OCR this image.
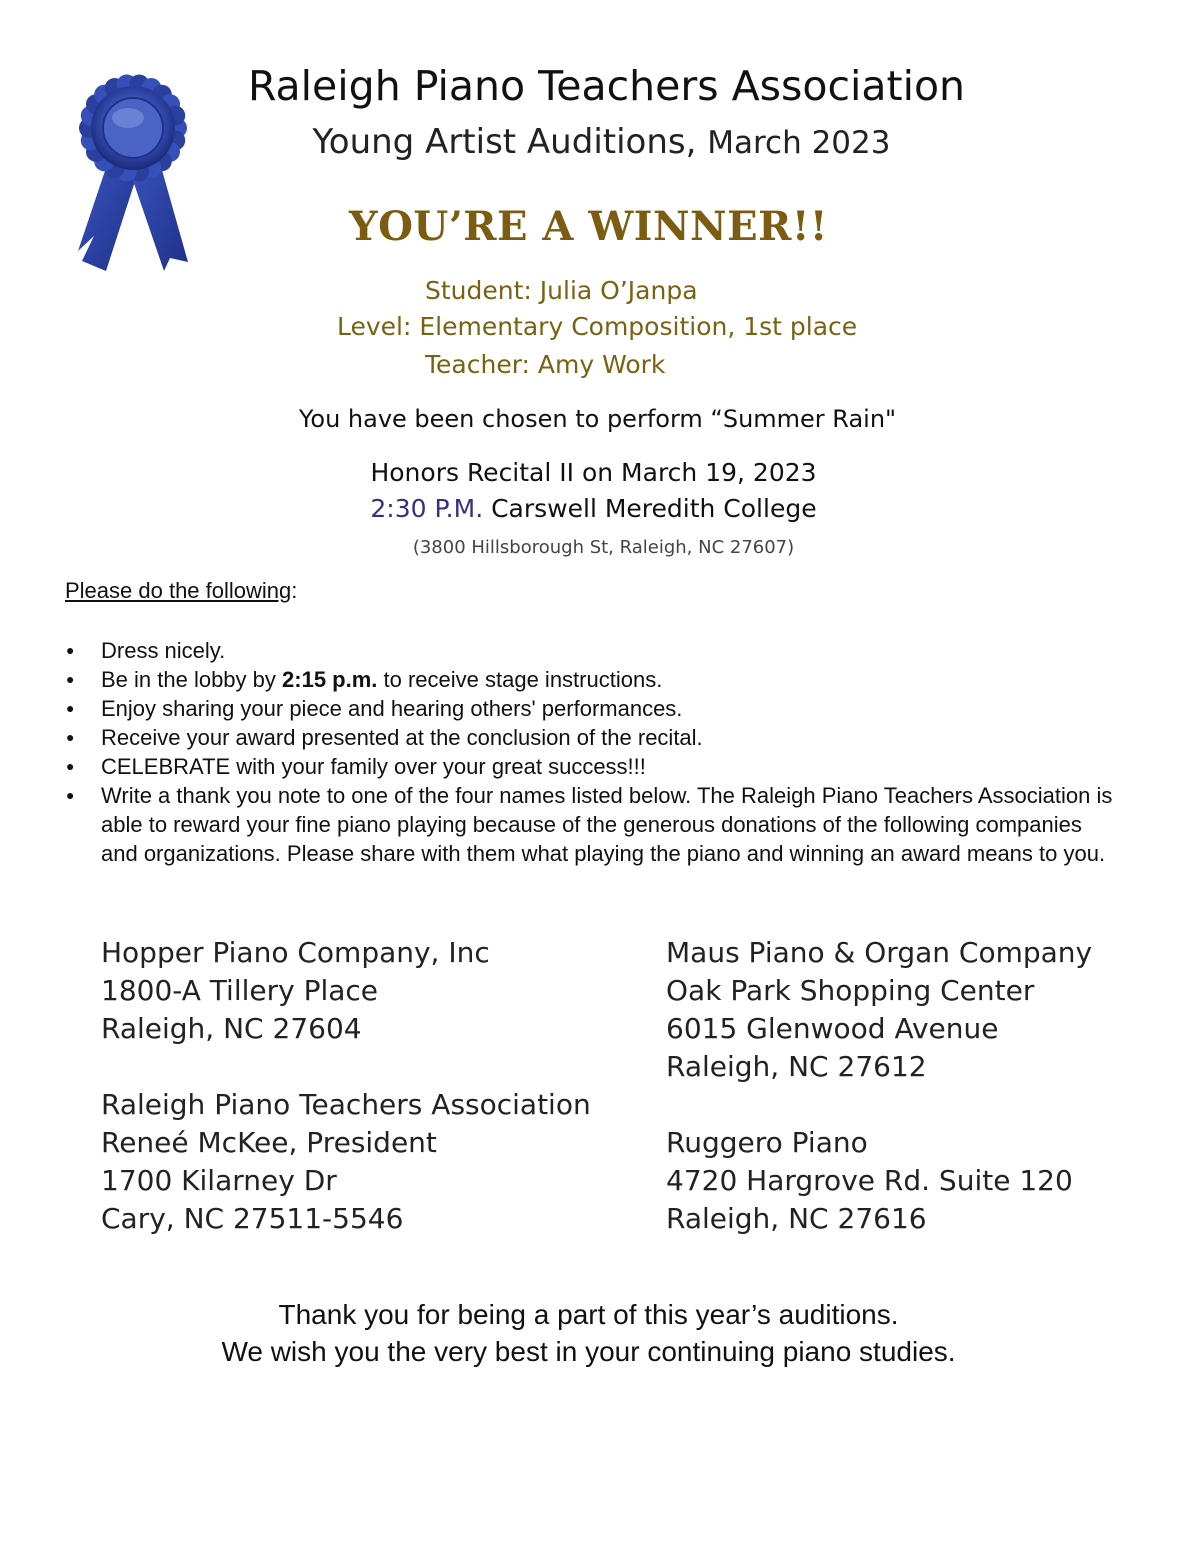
Raleigh Piano Teachers Association
Young Artist Auditions, March 2023
YOU’RE A WINNER!!
Student: Julia O’Janpa
Level: Elementary Composition, 1st place
Teacher: Amy Work
You have been chosen to perform “Summer Rain"
Honors Recital II on March 19, 2023
2:30 P.M. Carswell Meredith College
(3800 Hillsborough St, Raleigh, NC 27607)
Please do the following:
● Dress nicely.
● Be in the lobby by 2:15 p.m. to receive stage instructions.
● Enjoy sharing your piece and hearing others' performances.
● Receive your award presented at the conclusion of the recital.
● CELEBRATE with your family over your great success!!!
● Write a thank you note to one of the four names listed below. The Raleigh Piano Teachers Association is able to reward your fine piano playing because of the generous donations of the following companies and organizations. Please share with them what playing the piano and winning an award means to you.
Hopper Piano Company, Inc
1800-A Tillery Place
Raleigh, NC 27604
Raleigh Piano Teachers Association
Reneé McKee, President
1700 Kilarney Dr
Cary, NC 27511-5546
Maus Piano & Organ Company
Oak Park Shopping Center
6015 Glenwood Avenue
Raleigh, NC 27612
Ruggero Piano
4720 Hargrove Rd. Suite 120
Raleigh, NC 27616
Thank you for being a part of this year’s auditions.
We wish you the very best in your continuing piano studies.
